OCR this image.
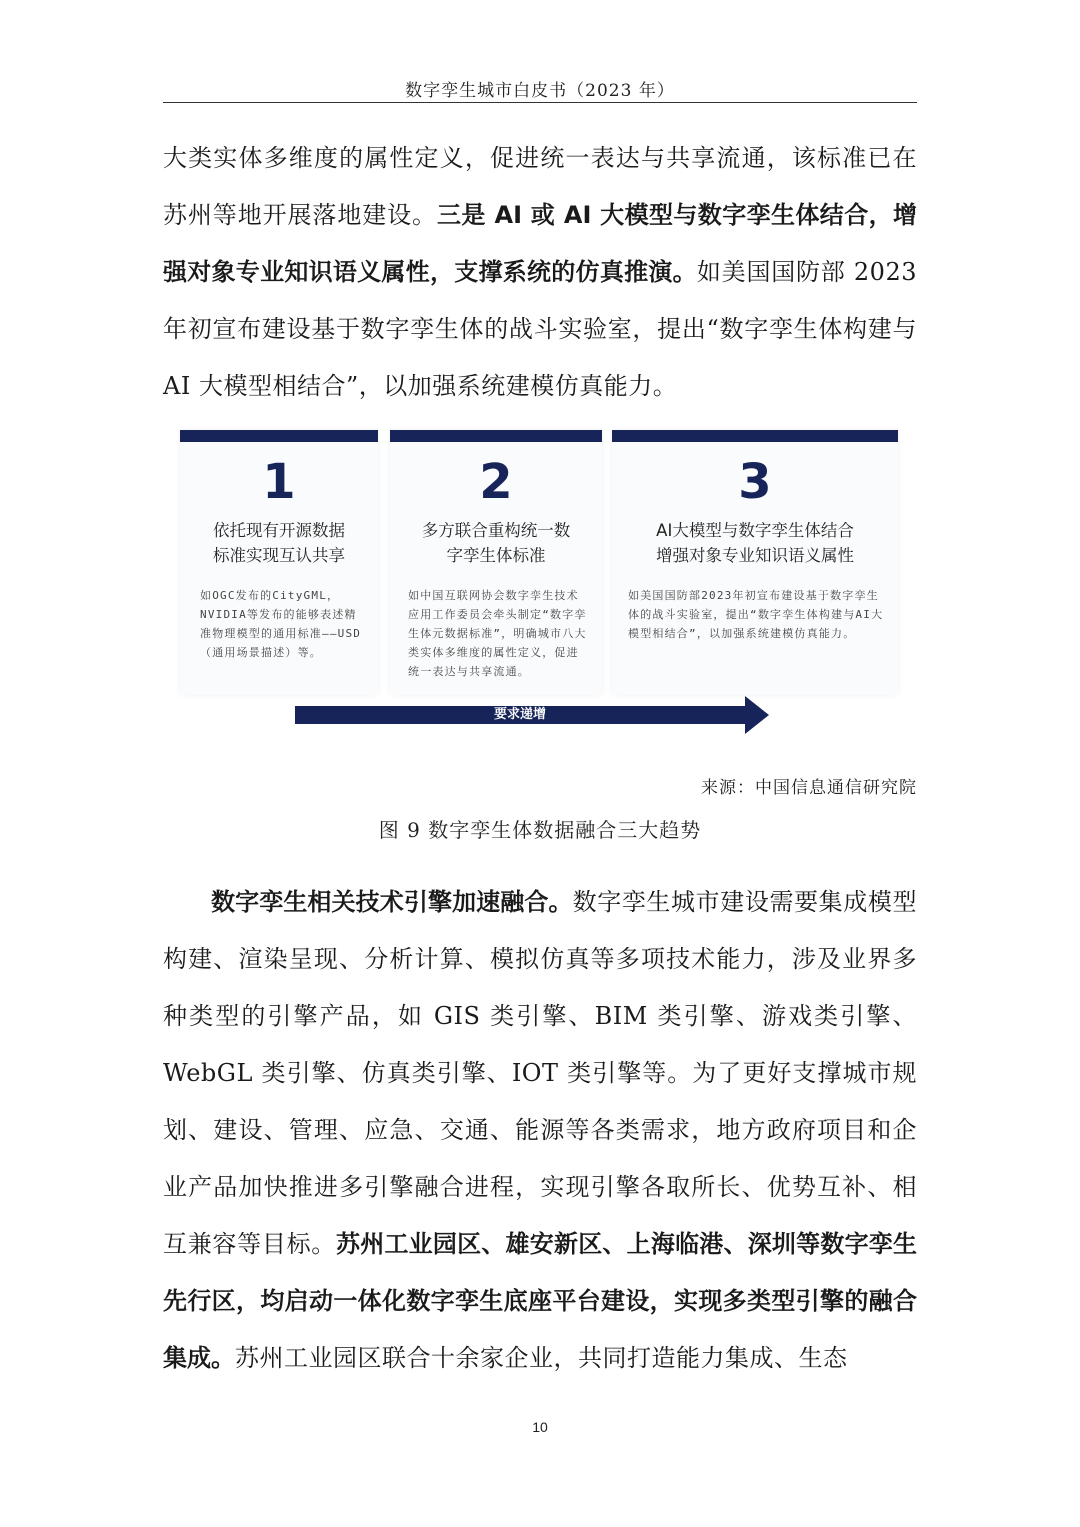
数字孪生城市白皮书（2023 年）

大类实体多维度的属性定义，促进统一表达与共享流通，该标准已在苏州等地开展落地建设。三是 AI 或 AI 大模型与数字孪生体结合，增强对象专业知识语义属性，支撑系统的仿真推演。如美国国防部 2023 年初宣布建设基于数字孪生体的战斗实验室，提出“数字孪生体构建与 AI 大模型相结合”，以加强系统建模仿真能力。

1
依托现有开源数据
标准实现互认共享
如OGC发布的CityGML，NVIDIA等发布的能够表述精准物理模型的通用标准——USD（通用场景描述）等。
2
多方联合重构统一数
字孪生体标准
如中国互联网协会数字孪生技术应用工作委员会牵头制定“数字孪生体元数据标准”，明确城市八大类实体多维度的属性定义，促进统一表达与共享流通。
3
AI大模型与数字孪生体结合
增强对象专业知识语义属性
如美国国防部2023年初宣布建设基于数字孪生体的战斗实验室，提出“数字孪生体构建与AI大模型相结合”，以加强系统建模仿真能力。
要求递增
来源：中国信息通信研究院
图 9 数字孪生体数据融合三大趋势

数字孪生相关技术引擎加速融合。数字孪生城市建设需要集成模型构建、渲染呈现、分析计算、模拟仿真等多项技术能力，涉及业界多种类型的引擎产品，如 GIS 类引擎、BIM 类引擎、游戏类引擎、WebGL 类引擎、仿真类引擎、IOT 类引擎等。为了更好支撑城市规划、建设、管理、应急、交通、能源等各类需求，地方政府项目和企业产品加快推进多引擎融合进程，实现引擎各取所长、优势互补、相互兼容等目标。苏州工业园区、雄安新区、上海临港、深圳等数字孪生先行区，均启动一体化数字孪生底座平台建设，实现多类型引擎的融合集成。苏州工业园区联合十余家企业，共同打造能力集成、生态

10
